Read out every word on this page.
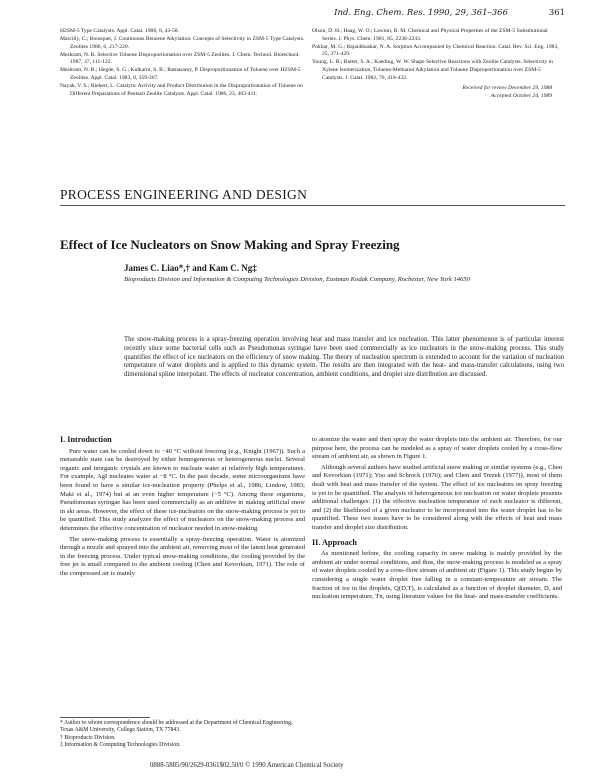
Ind. Eng. Chem. Res. 1990, 29, 361–366	361

H2SM-5 Type Catalysts. Appl. Catal. 1988, 8, 43-58.

Marcilly, C.; Bousquet, J. Continuous Benzene Alkylation: Concepts of Selectivity in ZSM-5 Type Catalysts. Zeolites 1986, 6, 217-220.

Meshram, N. R. Selective Toluene Disproportionation over ZSM-5 Zeolites. J. Chem. Technol. Biotechnol. 1987, 37, 111-122.

Meshram, N. R.; Hegde, S. G.; Kulkarni, S. B.; Ratnasamy, P. Disproportionation of Toluene over HZSM-5 Zeolites. Appl. Catal. 1983, 8, 359-367.

Nayak, V. S.; Riekert, L. Catalytic Activity and Product Distribution in the Disproportionation of Toluene on Different Preparations of Pentasil Zeolite Catalysts. Appl. Catal. 1986, 23, 403-411.

Olson, D. H.; Haag, W. O.; Lawton, R. M. Chemical and Physical Properties of the ZSM-5 Substitutional Series. J. Phys. Chem. 1981, 85, 2238-2243.

Pokbar, M. G.; Rajanbhaskar, N. A. Sorption Accompanied by Chemical Reaction. Catal. Rev. Sci. Eng. 1983, 25, 371-429.

Young, L. B.; Butter, S. A.; Kaeding, W. W. Shape Selective Reactions with Zeolite Catalysts. Selectivity in Xylene Isomerization, Toluene-Methanol Alkylation and Toluene Disproportionation over ZSM-5 Catalysts. J. Catal. 1982, 76, 418-432.

Received for review December 29, 1988
Accepted October 24, 1989
PROCESS ENGINEERING AND DESIGN
Effect of Ice Nucleators on Snow Making and Spray Freezing
James C. Liao*,† and Kam C. Ng‡
Bioproducts Division and Information & Computing Technologies Division, Eastman Kodak Company, Rochester, New York 14650
The snow-making process is a spray-freezing operation involving heat and mass transfer and ice nucleation. This latter phenomenon is of particular interest recently since some bacterial cells such as Pseudomonas syringae have been used commercially as ice nucleators in the snow-making process. This study quantifies the effect of ice nucleators on the efficiency of snow making. The theory of nucleation spectrum is extended to account for the variation of nucleation temperature of water droplets and is applied to this dynamic system. The results are then integrated with the heat- and mass-transfer calculations, using two dimensional spline interpolant. The effects of nucleator concentration, ambient conditions, and droplet size distribution are discussed.
I. Introduction

Pure water can be cooled down to −40 °C without freezing (e.g., Knight (1967)). Such a metastable state can be destroyed by either homogeneous or heterogeneous nuclei. Several organic and inorganic crystals are known to nucleate water at relatively high temperatures. For example, AgI nucleates water at −8 °C. In the past decade, some microorganisms have been found to have a similar ice-nucleation property (Phelps et al., 1986; Lindow, 1983; Maki et al., 1974) but at an even higher temperature (−5 °C). Among these organisms, Pseudomonas syringae has been used commercially as an additive in making artificial snow in ski areas. However, the effect of these ice-nucleators on the snow-making process is yet to be quantified. This study analyzes the effect of nucleators on the snow-making process and determines the effective concentration of nucleator needed in snow-making.

The snow-making process is essentially a spray-freezing operation. Water is atomized through a nozzle and sprayed into the ambient air, removing most of the latent heat generated in the freezing process. Under typical snow-making conditions, the cooling provided by the free jet is small compared to the ambient cooling (Chen and Kevorkian, 1971). The role of the compressed air is mainly

to atomize the water and then spray the water droplets into the ambient air. Therefore, for our purpose here, the process can be modeled as a spray of water droplets cooled by a cross-flow stream of ambient air, as shown in Figure 1.

Although several authors have studied artificial snow making or similar systems (e.g., Chen and Kevorkian (1971); Yoo and Schrock (1976); and Chen and Trezek (1977)), most of them dealt with heat and mass transfer of the system. The effect of ice nucleators on spray freezing is yet to be quantified. The analysis of heterogeneous ice nucleation on water droplets presents additional challenges: (1) the effective nucleation temperature of each nucleator is different, and (2) the likelihood of a given nucleator to be incorporated into the water droplet has to be quantified. These two issues have to be considered along with the effects of heat and mass transfer and droplet size distribution.

II. Approach

As mentioned before, the cooling capacity in snow making is mainly provided by the ambient air under normal conditions, and thus, the snow-making process is modeled as a spray of water droplets cooled by a cross-flow stream of ambient air (Figure 1). This study begins by considering a single water droplet free falling in a constant-temperature air stream. The fraction of ice in the droplets, Q(D,T), is calculated as a function of droplet diameter, D, and nucleation temperature, Tn, using literature values for the heat- and mass-transfer coefficients.

* Author to whom correspondence should be addressed at the Department of Chemical Engineering, Texas A&M University, College Station, TX 77843.
† Bioproducts Division.
‡ Information & Computing Technologies Division.
0888-5885/90/2629-0361$02.50/0 © 1990 American Chemical Society
